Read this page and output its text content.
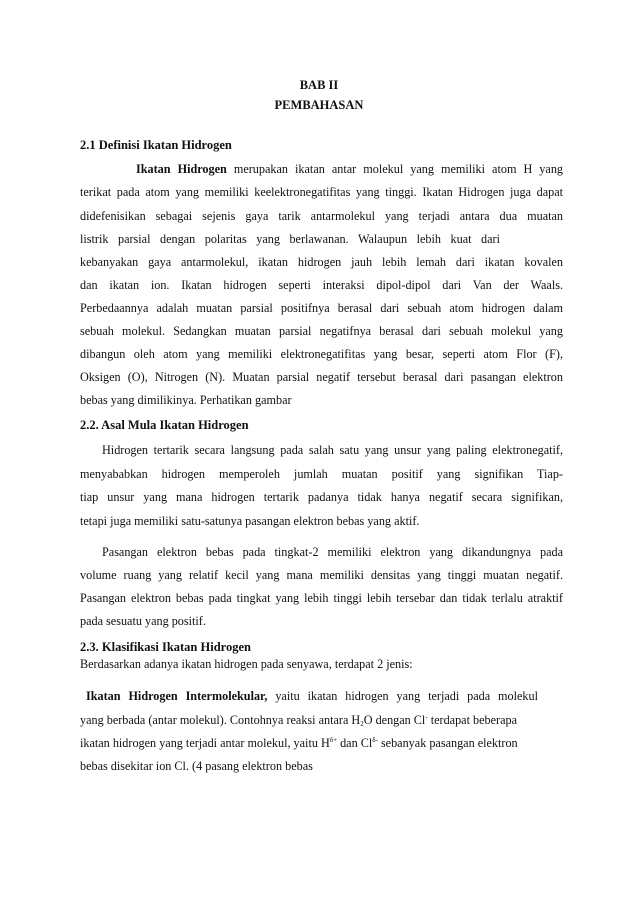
BAB II
PEMBAHASAN
2.1 Definisi Ikatan Hidrogen
Ikatan Hidrogen merupakan ikatan antar molekul yang memiliki atom H yang
terikat pada atom yang memiliki keelektronegatifitas yang tinggi. Ikatan Hidrogen juga dapat
didefenisikan sebagai sejenis gaya tarik antarmolekul yang terjadi antara dua muatan
listrik parsial dengan polaritas yang berlawanan. Walaupun lebih kuat dari
kebanyakan gaya antarmolekul, ikatan hidrogen jauh lebih lemah dari ikatan kovalen
dan ikatan ion. Ikatan hidrogen seperti interaksi dipol-dipol dari Van der Waals.
Perbedaannya adalah muatan parsial positifnya berasal dari sebuah atom hidrogen dalam
sebuah molekul. Sedangkan muatan parsial negatifnya berasal dari sebuah molekul yang
dibangun oleh atom yang memiliki elektronegatifitas yang besar, seperti atom Flor (F),
Oksigen (O), Nitrogen (N). Muatan parsial negatif tersebut berasal dari pasangan elektron
bebas yang dimilikinya. Perhatikan gambar
2.2. Asal Mula Ikatan Hidrogen
Hidrogen tertarik secara langsung pada salah satu yang unsur yang paling elektronegatif,
menyababkan hidrogen memperoleh jumlah muatan positif yang signifikan Tiap-
tiap unsur yang mana hidrogen tertarik padanya tidak hanya negatif secara signifikan,
tetapi juga memiliki satu-satunya pasangan elektron bebas yang aktif.
Pasangan elektron bebas pada tingkat-2 memiliki elektron yang dikandungnya pada
volume ruang yang relatif kecil yang mana memiliki densitas yang tinggi muatan negatif.
Pasangan elektron bebas pada tingkat yang lebih tinggi lebih tersebar dan tidak terlalu atraktif
pada sesuatu yang positif.
2.3. Klasifikasi Ikatan Hidrogen
Berdasarkan adanya ikatan hidrogen pada senyawa, terdapat 2 jenis:
Ikatan Hidrogen Intermolekular, yaitu ikatan hidrogen yang terjadi pada molekul
yang berbada (antar molekul). Contohnya reaksi antara $H_2O$ dengan Cl- terdapat beberapa
ikatan hidrogen yang terjadi antar molekul, yaitu $H^{\delta+}$ dan $Cl^{\delta-}$ sebanyak pasangan elektron
bebas disekitar ion Cl. (4 pasang elektron bebas
